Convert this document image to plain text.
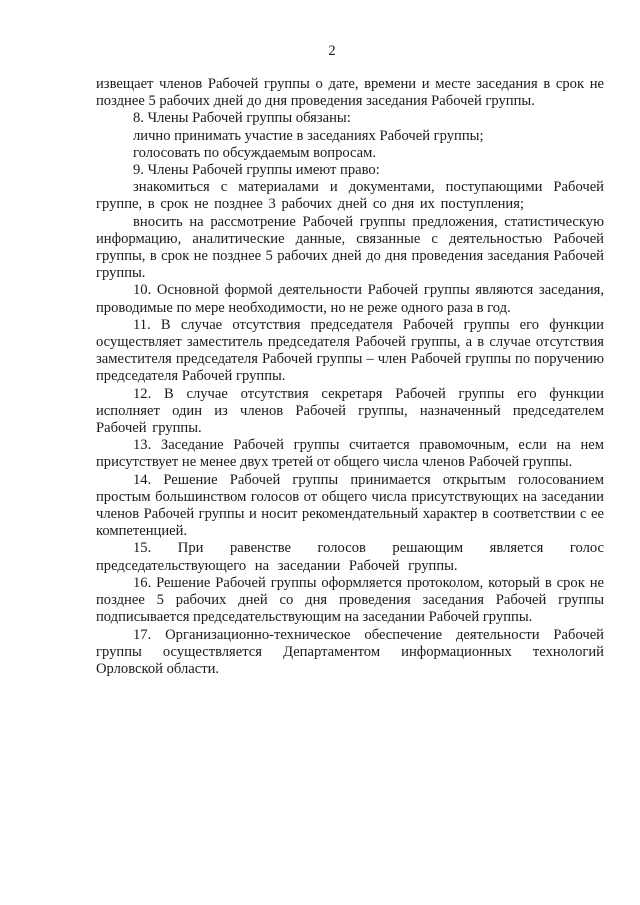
2

извещает членов Рабочей группы о дате, времени и месте заседания в срок не позднее 5 рабочих дней до дня проведения заседания Рабочей группы.

8. Члены Рабочей группы обязаны:

лично принимать участие в заседаниях Рабочей группы;

голосовать по обсуждаемым вопросам.

9. Члены Рабочей группы имеют право:

знакомиться с материалами и документами, поступающими Рабочей группе, в срок не позднее 3 рабочих дней со дня их поступления;

вносить на рассмотрение Рабочей группы предложения, статистическую информацию, аналитические данные, связанные с деятельностью Рабочей группы, в срок не позднее 5 рабочих дней до дня проведения заседания Рабочей группы.

10. Основной формой деятельности Рабочей группы являются заседания, проводимые по мере необходимости, но не реже одного раза в год.

11. В случае отсутствия председателя Рабочей группы его функции осуществляет заместитель председателя Рабочей группы, а в случае отсутствия заместителя председателя Рабочей группы – член Рабочей группы по поручению председателя Рабочей группы.

12. В случае отсутствия секретаря Рабочей группы его функции исполняет один из членов Рабочей группы, назначенный председателем Рабочей группы.

13. Заседание Рабочей группы считается правомочным, если на нем присутствует не менее двух третей от общего числа членов Рабочей группы.

14. Решение Рабочей группы принимается открытым голосованием простым большинством голосов от общего числа присутствующих на заседании членов Рабочей группы и носит рекомендательный характер в соответствии с ее компетенцией.

15. При равенстве голосов решающим является голос председательствующего на заседании Рабочей группы.

16. Решение Рабочей группы оформляется протоколом, который в срок не позднее 5 рабочих дней со дня проведения заседания Рабочей группы подписывается председательствующим на заседании Рабочей группы.

17. Организационно-техническое обеспечение деятельности Рабочей группы осуществляется Департаментом информационных технологий Орловской области.
